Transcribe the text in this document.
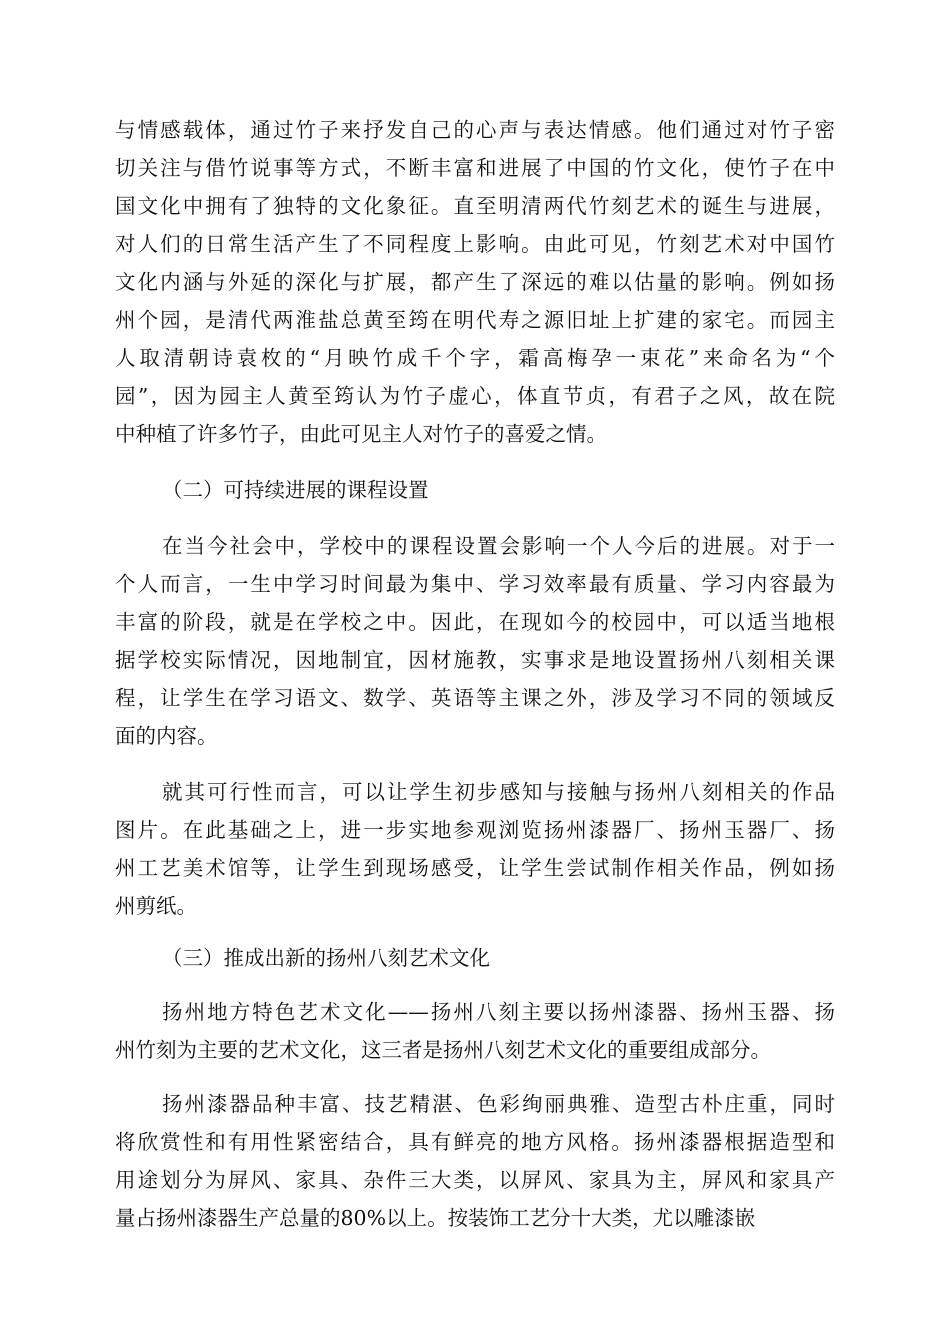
与情感载体，通过竹子来抒发自己的心声与表达情感。他们通过对竹子密
切关注与借竹说事等方式，不断丰富和进展了中国的竹文化，使竹子在中
国文化中拥有了独特的文化象征。直至明清两代竹刻艺术的诞生与进展，
对人们的日常生活产生了不同程度上影响。由此可见，竹刻艺术对中国竹
文化内涵与外延的深化与扩展，都产生了深远的难以估量的影响。例如扬
州个园，是清代两淮盐总黄至筠在明代寿之源旧址上扩建的家宅。而园主
人取清朝诗袁枚的“月映竹成千个字，霜高梅孕一束花”来命名为“个
园”，因为园主人黄至筠认为竹子虚心，体直节贞，有君子之风，故在院
中种植了许多竹子，由此可见主人对竹子的喜爱之情。
（二）可持续进展的课程设置
在当今社会中，学校中的课程设置会影响一个人今后的进展。对于一
个人而言，一生中学习时间最为集中、学习效率最有质量、学习内容最为
丰富的阶段，就是在学校之中。因此，在现如今的校园中，可以适当地根
据学校实际情况，因地制宜，因材施教，实事求是地设置扬州八刻相关课
程，让学生在学习语文、数学、英语等主课之外，涉及学习不同的领域反
面的内容。
就其可行性而言，可以让学生初步感知与接触与扬州八刻相关的作品
图片。在此基础之上，进一步实地参观浏览扬州漆器厂、扬州玉器厂、扬
州工艺美术馆等，让学生到现场感受，让学生尝试制作相关作品，例如扬
州剪纸。
（三）推成出新的扬州八刻艺术文化
扬州地方特色艺术文化——扬州八刻主要以扬州漆器、扬州玉器、扬
州竹刻为主要的艺术文化，这三者是扬州八刻艺术文化的重要组成部分。
扬州漆器品种丰富、技艺精湛、色彩绚丽典雅、造型古朴庄重，同时
将欣赏性和有用性紧密结合，具有鲜亮的地方风格。扬州漆器根据造型和
用途划分为屏风、家具、杂件三大类，以屏风、家具为主，屏风和家具产
量占扬州漆器生产总量的80%以上。按装饰工艺分十大类，尤以雕漆嵌
